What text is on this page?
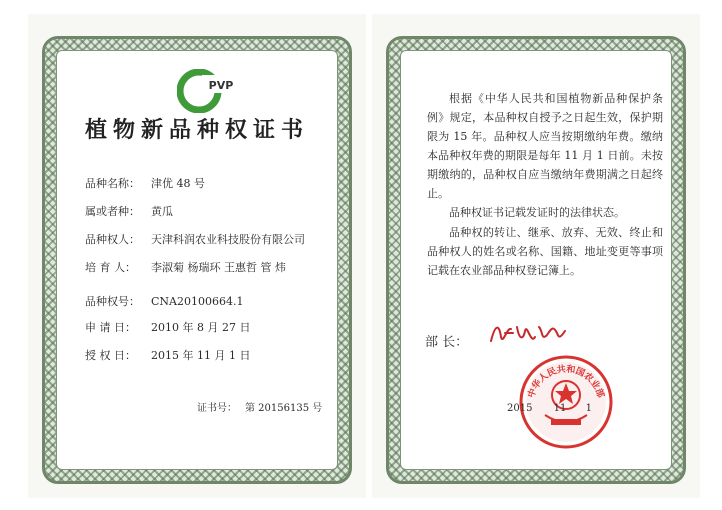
PVP
植物新品种权证书
品种名称： 津优 48 号
属或者种： 黄瓜
品种权人： 天津科润农业科技股份有限公司
培 育 人： 李淑菊 杨瑞环 王惠哲 管 炜
品种权号： CNA20100664.1
申 请 日： 2010 年 8 月 27 日
授 权 日： 2015 年 11 月 1 日
证书号： 第 20156135 号
根据《中华人民共和国植物新品种保护条例》规定，本品种权自授予之日起生效，保护期限为 15 年。品种权人应当按期缴纳年费。缴纳本品种权年费的期限是每年 11 月 1 日前。未按期缴纳的，品种权自应当缴纳年费期满之日起终止。
品种权证书记载发证时的法律状态。
品种权的转让、继承、放弃、无效、终止和品种权人的姓名或名称、国籍、地址变更等事项记载在农业部品种权登记簿上。
部 长：
中华人民共和国农业部
2015 11 1
